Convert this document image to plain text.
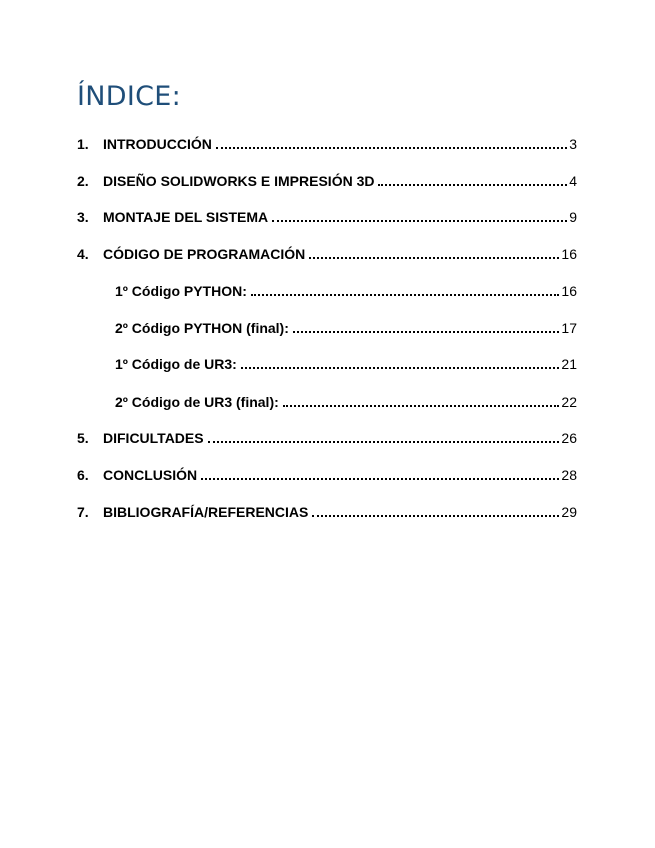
ÍNDICE:
1.	INTRODUCCIÓN	3
2.	DISEÑO SOLIDWORKS E IMPRESIÓN 3D	4
3.	MONTAJE DEL SISTEMA	9
4.	CÓDIGO DE PROGRAMACIÓN	16
1º Código PYTHON:	16
2º Código PYTHON (final):	17
1º Código de UR3:	21
2º Código de UR3 (final):	22
5.	DIFICULTADES	26
6.	CONCLUSIÓN	28
7.	BIBLIOGRAFÍA/REFERENCIAS	29
